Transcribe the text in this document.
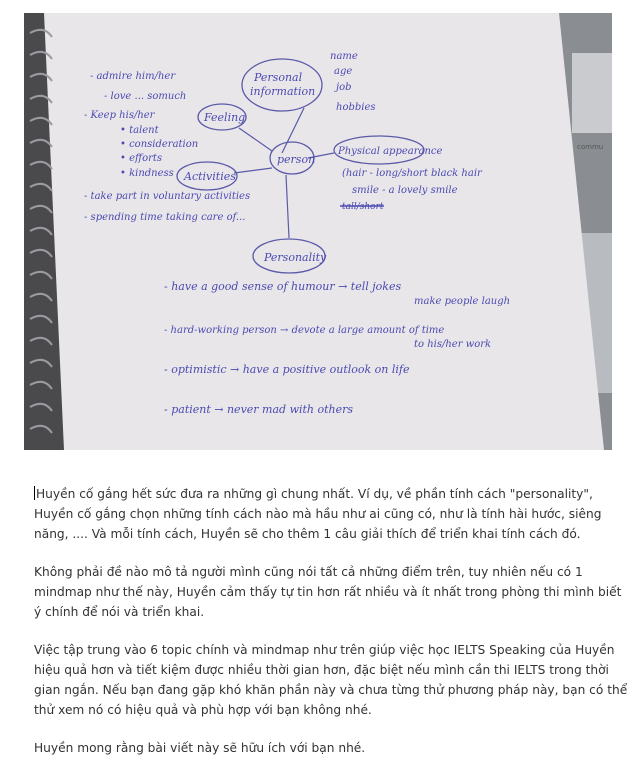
commu
person
Personal
information
Feeling
Physical appearance
Activities
Personality
name
age
job
hobbies
- admire him/her
- love ... somuch
- Keep his/her
• talent
• consideration
• efforts
• kindness	(hair - long/short black hair
smile - a lovely smile
tall/short
- take part in voluntary activities
- spending time taking care of...
- have a good sense of humour → tell jokes
make people laugh
- hard-working person → devote a large amount of time
to his/her work
- optimistic → have a positive outlook on life
- patient → never mad with others

Huyền cố gắng hết sức đưa ra những gì chung nhất. Ví dụ, về phần tính cách "personality", Huyền cố gắng chọn những tính cách nào mà hầu như ai cũng có, như là tính hài hước, siêng năng, .... Và mỗi tính cách, Huyền sẽ cho thêm 1 câu giải thích để triển khai tính cách đó.

Không phải đề nào mô tả người mình cũng nói tất cả những điểm trên, tuy nhiên nếu có 1 mindmap như thế này, Huyền cảm thấy tự tin hơn rất nhiều và ít nhất trong phòng thi mình biết ý chính để nói và triển khai.

Việc tập trung vào 6 topic chính và mindmap như trên giúp việc học IELTS Speaking của Huyền hiệu quả hơn và tiết kiệm được nhiều thời gian hơn, đặc biệt nếu mình cần thi IELTS trong thời gian ngắn. Nếu bạn đang gặp khó khăn phần này và chưa từng thử phương pháp này, bạn có thể thử xem nó có hiệu quả và phù hợp với bạn không nhé.

Huyền mong rằng bài viết này sẽ hữu ích với bạn nhé.
